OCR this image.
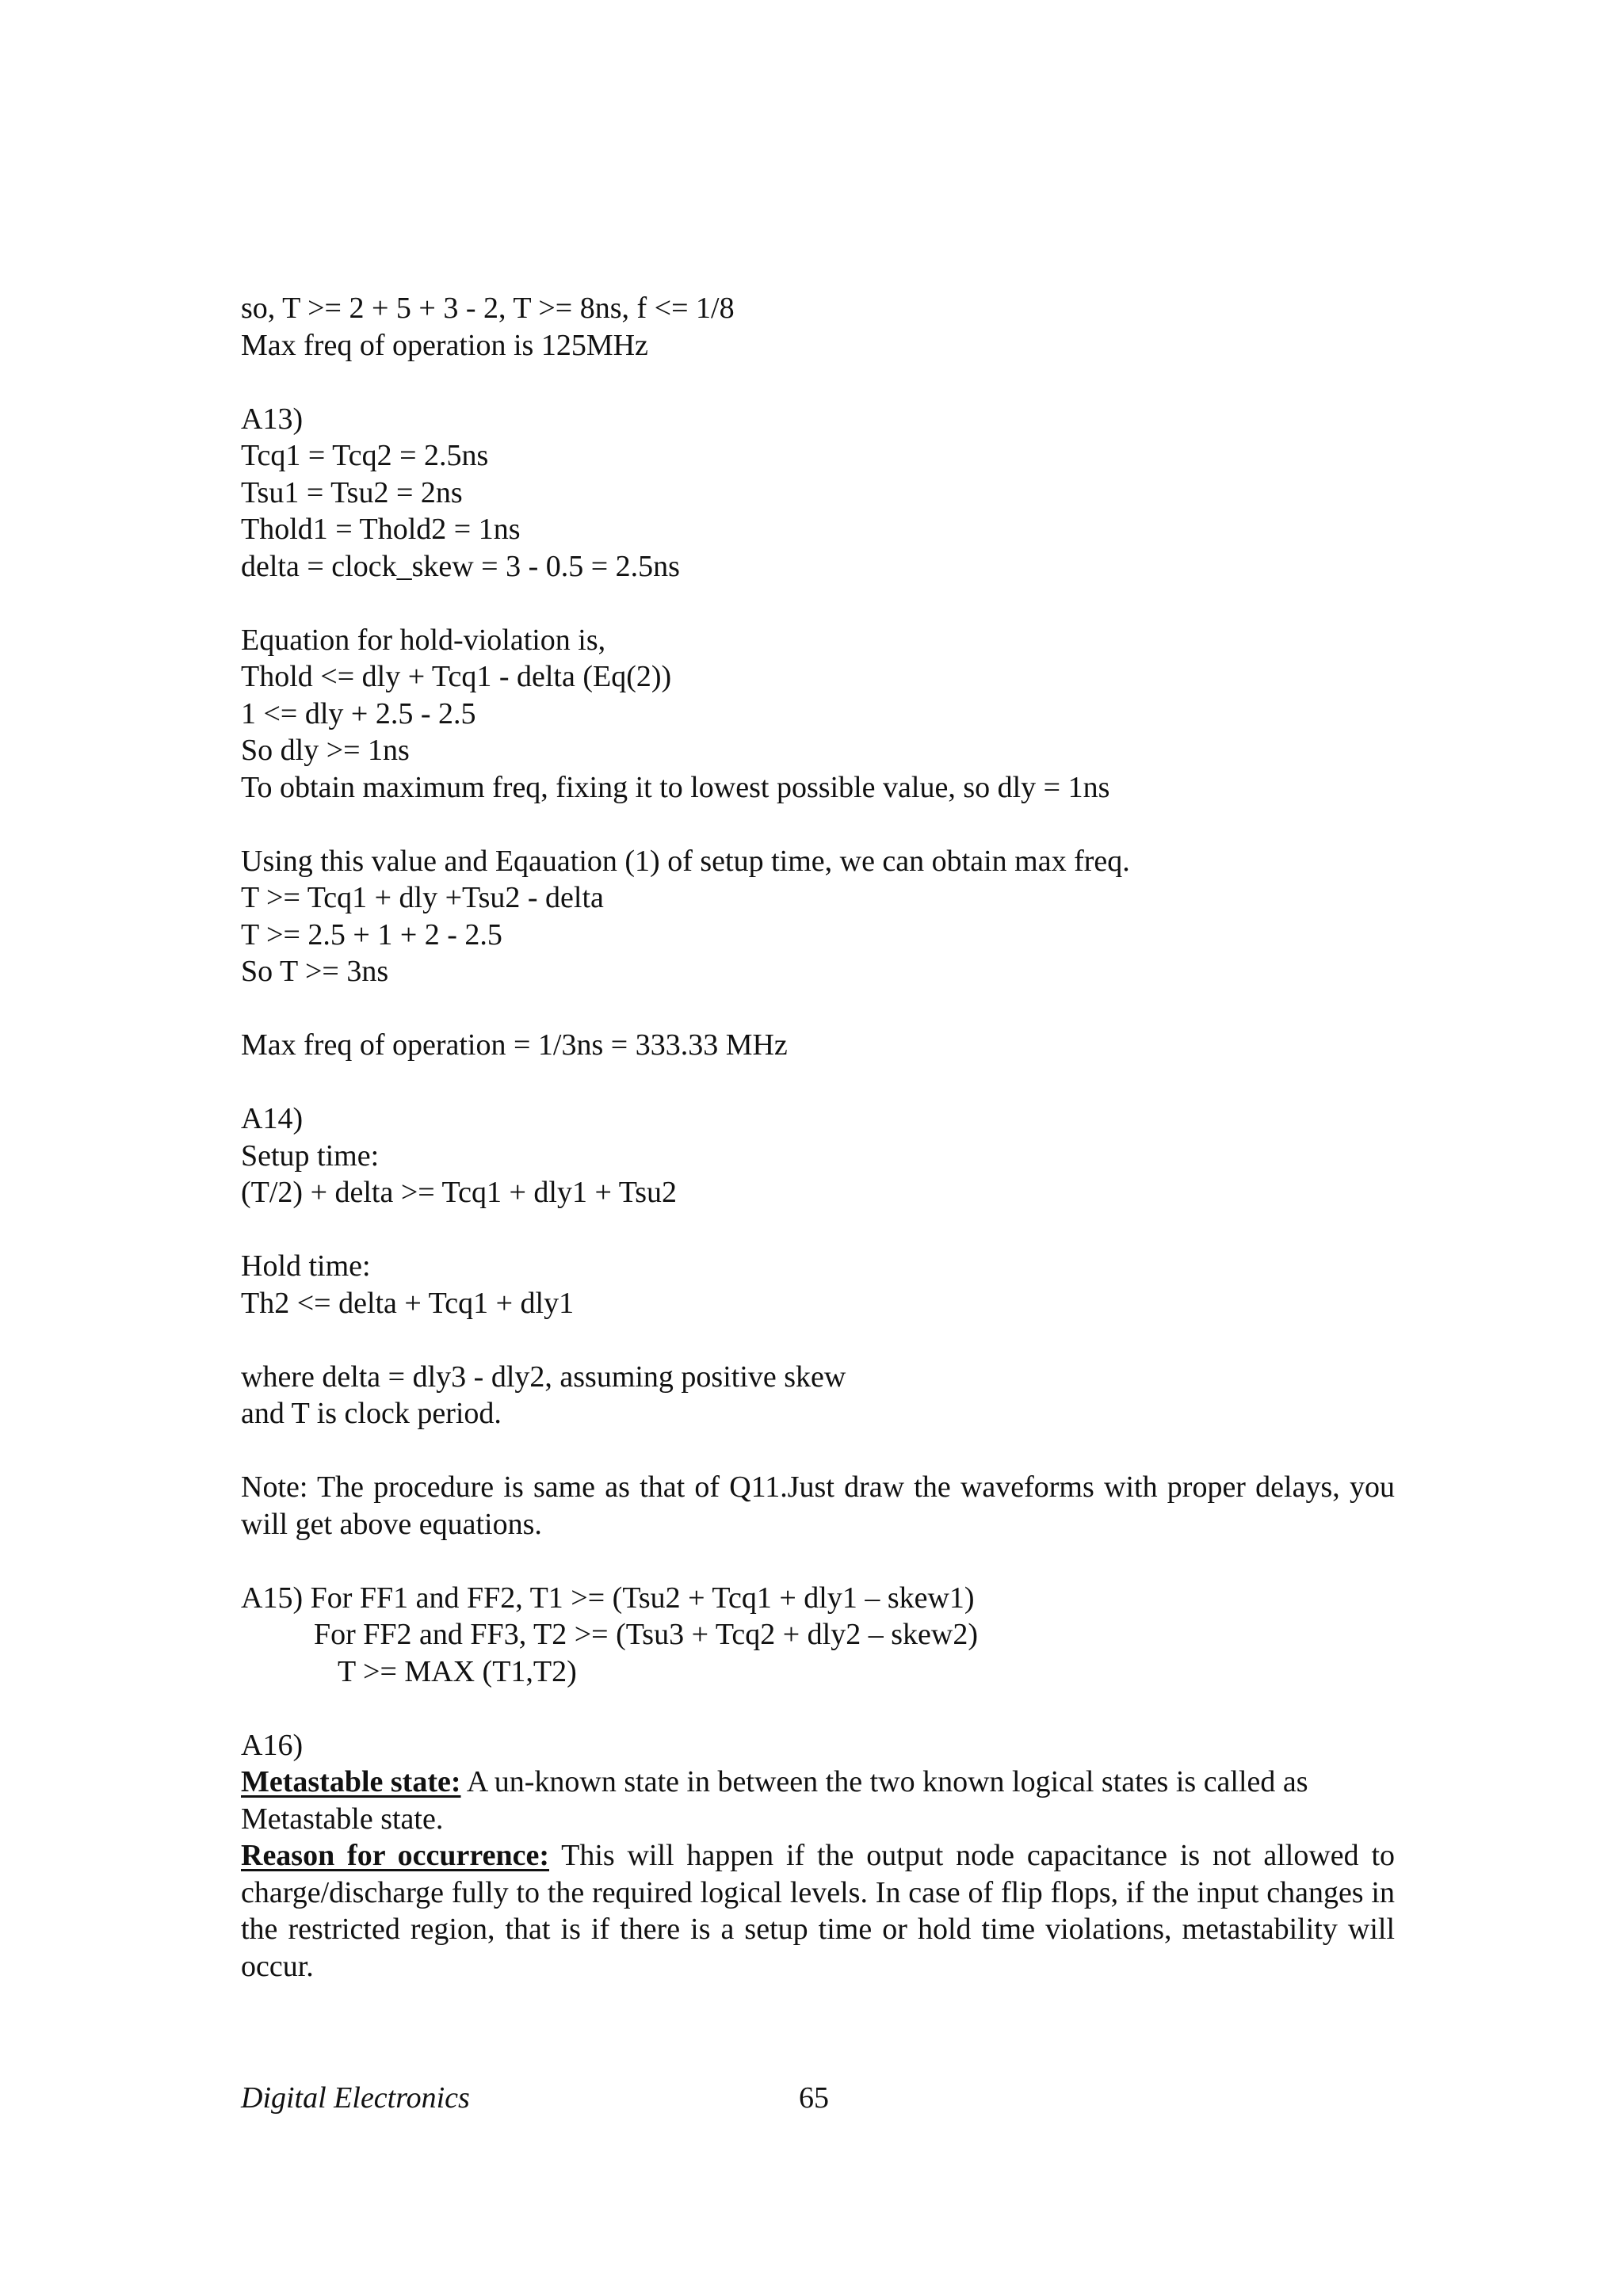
so, T >= 2 + 5 + 3 - 2, T >= 8ns, f <= 1/8

Max freq of operation is 125MHz

A13)

Tcq1 = Tcq2 = 2.5ns

Tsu1 = Tsu2 = 2ns

Thold1 = Thold2 = 1ns

delta = clock_skew = 3 - 0.5 = 2.5ns

Equation for hold-violation is,

Thold <= dly + Tcq1 - delta (Eq(2))

1 <= dly + 2.5 - 2.5

So dly >= 1ns

To obtain maximum freq, fixing it to lowest possible value, so dly = 1ns

Using this value and Eqauation (1) of setup time, we can obtain max freq.

T >= Tcq1 + dly +Tsu2 - delta

T >= 2.5 + 1 + 2 - 2.5

So T >= 3ns

Max freq of operation = 1/3ns = 333.33 MHz

A14)

Setup time:

(T/2) + delta >= Tcq1 + dly1 + Tsu2

Hold time:

Th2 <= delta + Tcq1 + dly1

where delta = dly3 - dly2, assuming positive skew

and T is clock period.

Note: The procedure is same as that of Q11.Just draw the waveforms with proper delays, you will get above equations.

A15) For FF1 and FF2, T1 >= (Tsu2 + Tcq1 + dly1 – skew1)

For FF2 and FF3, T2 >= (Tsu3 + Tcq2 + dly2 – skew2)

T >= MAX (T1,T2)

A16)

Metastable state: A un-known state in between the two known logical states is called as Metastable state.

Reason for occurrence: This will happen if the output node capacitance is not allowed to charge/discharge fully to the required logical levels. In case of flip flops, if the input changes in the restricted region, that is if there is a setup time or hold time violations, metastability will occur.

Digital Electronics	65
